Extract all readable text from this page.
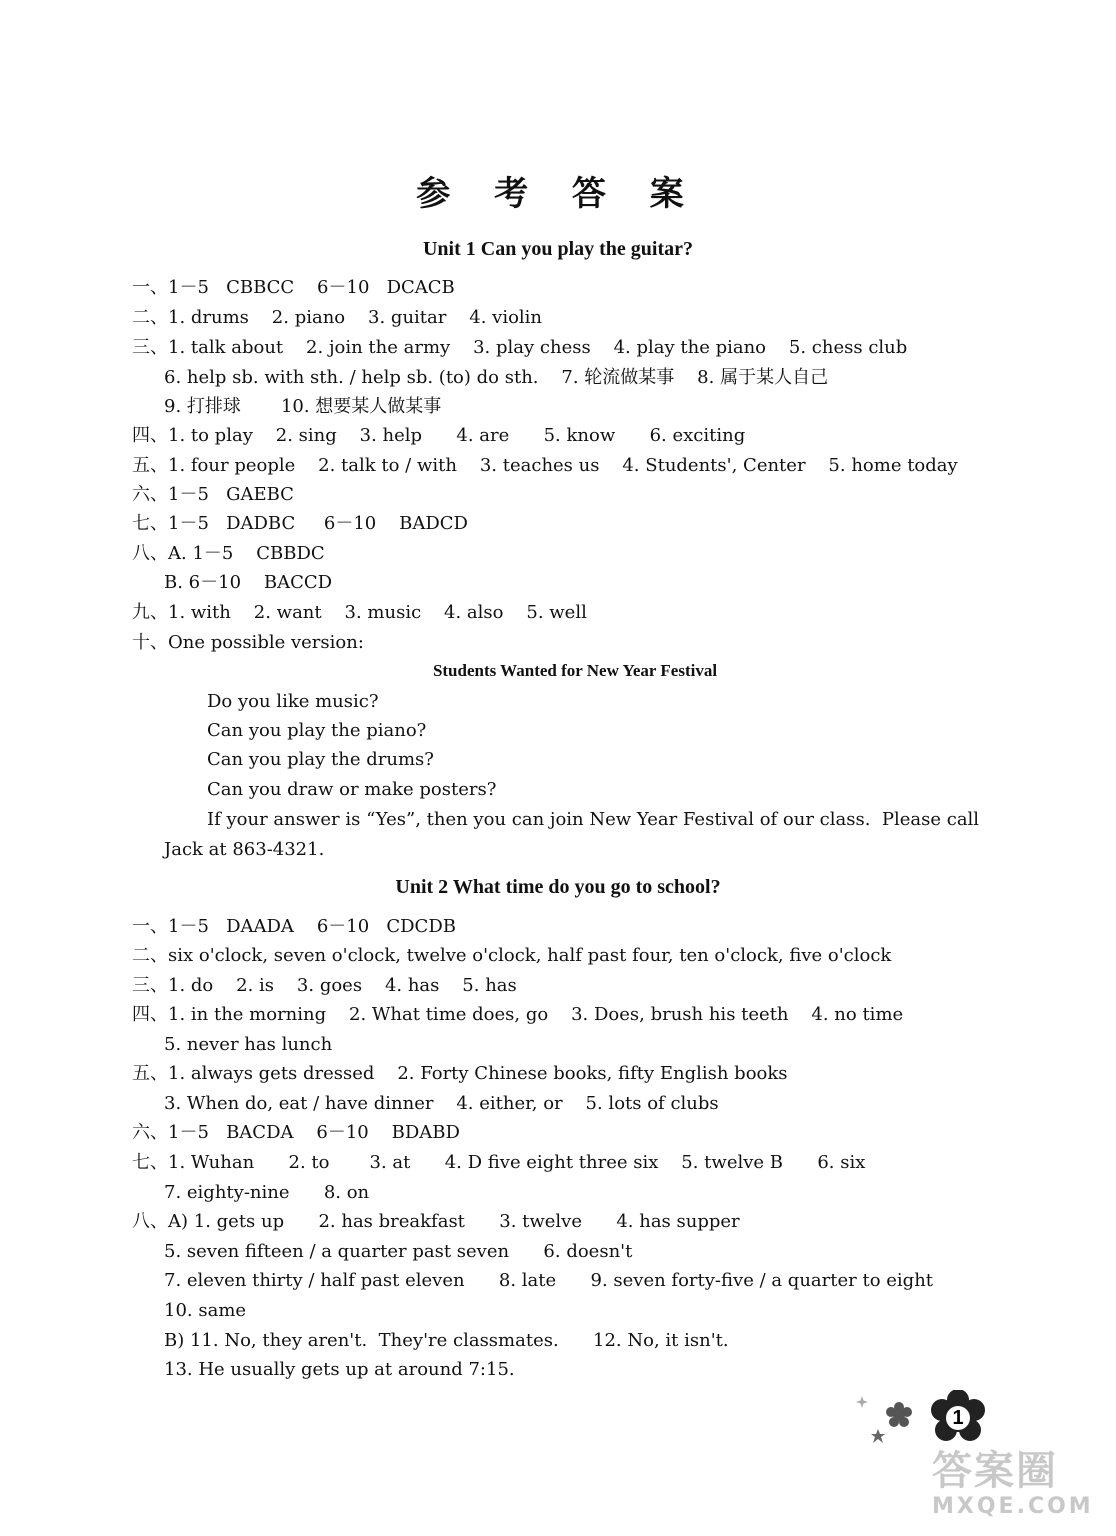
参 考 答 案
Unit 1 Can you play the guitar?
一、1－5   CBBCC    6－10   DCACB
二、1. drums    2. piano    3. guitar    4. violin
三、1. talk about    2. join the army    3. play chess    4. play the piano    5. chess club
6. help sb. with sth. / help sb. (to) do sth.    7. 轮流做某事    8. 属于某人自己
9. 打排球       10. 想要某人做某事
四、1. to play    2. sing    3. help      4. are      5. know      6. exciting
五、1. four people    2. talk to / with    3. teaches us    4. Students', Center    5. home today
六、1－5   GAEBC
七、1－5   DADBC     6－10    BADCD
八、A. 1－5    CBBDC
B. 6－10    BACCD
九、1. with    2. want    3. music    4. also    5. well
十、One possible version:
Students Wanted for New Year Festival
Do you like music?
Can you play the piano?
Can you play the drums?
Can you draw or make posters?
If your answer is “Yes”, then you can join New Year Festival of our class.  Please call
Jack at 863-4321.
Unit 2 What time do you go to school?
一、1－5   DAADA    6－10   CDCDB
二、six o'clock, seven o'clock, twelve o'clock, half past four, ten o'clock, five o'clock
三、1. do    2. is    3. goes    4. has    5. has
四、1. in the morning    2. What time does, go    3. Does, brush his teeth    4. no time
5. never has lunch
五、1. always gets dressed    2. Forty Chinese books, fifty English books
3. When do, eat / have dinner    4. either, or    5. lots of clubs
六、1－5   BACDA    6－10    BDABD
七、1. Wuhan      2. to       3. at      4. D five eight three six    5. twelve B      6. six
7. eighty-nine      8. on
八、A) 1. gets up      2. has breakfast      3. twelve      4. has supper
5. seven fifteen / a quarter past seven      6. doesn't
7. eleven thirty / half past eleven      8. late      9. seven forty-five / a quarter to eight
10. same
B) 11. No, they aren't.  They're classmates.      12. No, it isn't.
13. He usually gets up at around 7:15.
1
答案圈
MXQE.COM
